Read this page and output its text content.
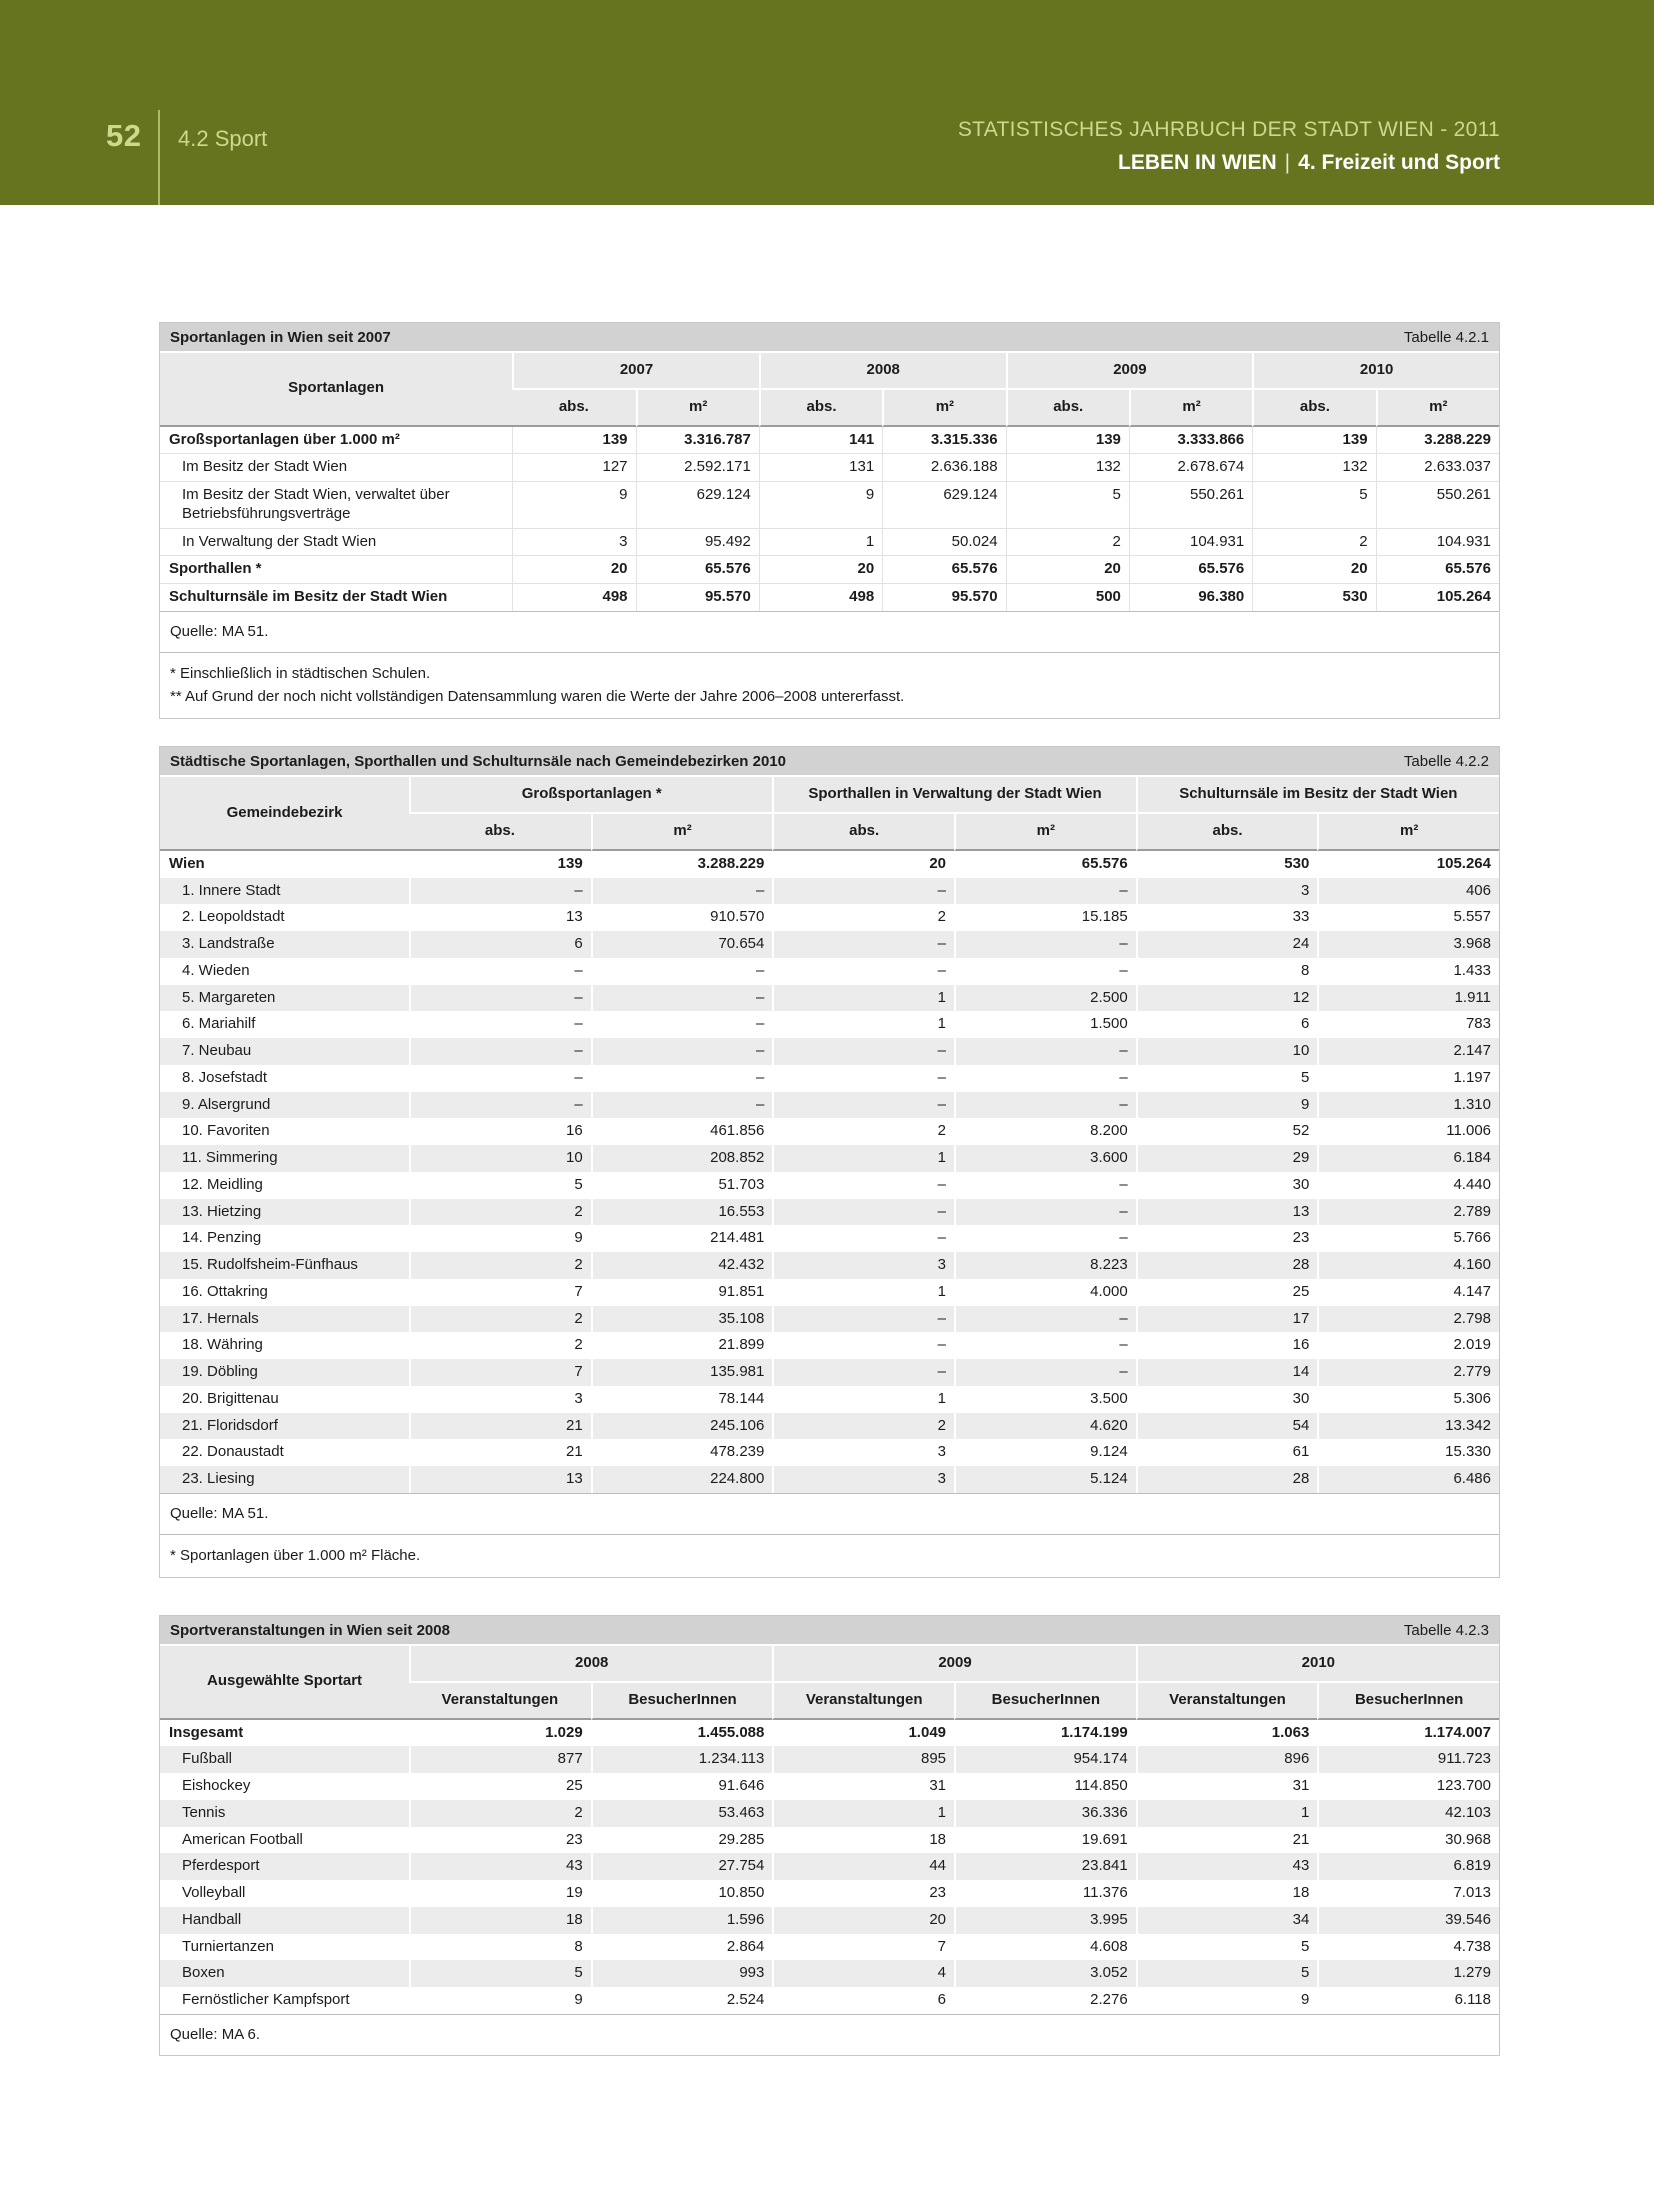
52 4.2 Sport	STATISTISCHES JAHRBUCH DER STADT WIEN - 2011
LEBEN IN WIEN | 4. Freizeit und Sport
Sportanlagen in Wien seit 2007	Tabelle 4.2.1
Sportanlagen	2007		2008		2009		2010	
	abs.	m²	abs.	m²	abs.	m²	abs.	m²
Großsportanlagen über 1.000 m²	139	3.316.787	141	3.315.336	139	3.333.866	139	3.288.229
Im Besitz der Stadt Wien	127	2.592.171	131	2.636.188	132	2.678.674	132	2.633.037
Im Besitz der Stadt Wien, verwaltet über Betriebsführungsverträge	9	629.124	9	629.124	5	550.261	5	550.261
In Verwaltung der Stadt Wien	3	95.492	1	50.024	2	104.931	2	104.931
Sporthallen *	20	65.576	20	65.576	20	65.576	20	65.576
Schulturnsäle im Besitz der Stadt Wien	498	95.570	498	95.570	500	96.380	530	105.264
Quelle: MA 51.
* Einschließlich in städtischen Schulen.
** Auf Grund der noch nicht vollständigen Datensammlung waren die Werte der Jahre 2006–2008 untererfasst.
Städtische Sportanlagen, Sporthallen und Schulturnsäle nach Gemeindebezirken 2010	Tabelle 4.2.2
Gemeindebezirk	Großsportanlagen *		Sporthallen in Verwaltung der Stadt Wien		Schulturnsäle im Besitz der Stadt Wien	
	abs.	m²	abs.	m²	abs.	m²
Wien	139	3.288.229	20	65.576	530	105.264
1. Innere Stadt	–	–	–	–	3	406
2. Leopoldstadt	13	910.570	2	15.185	33	5.557
3. Landstraße	6	70.654	–	–	24	3.968
4. Wieden	–	–	–	–	8	1.433
5. Margareten	–	–	1	2.500	12	1.911
6. Mariahilf	–	–	1	1.500	6	783
7. Neubau	–	–	–	–	10	2.147
8. Josefstadt	–	–	–	–	5	1.197
9. Alsergrund	–	–	–	–	9	1.310
10. Favoriten	16	461.856	2	8.200	52	11.006
11. Simmering	10	208.852	1	3.600	29	6.184
12. Meidling	5	51.703	–	–	30	4.440
13. Hietzing	2	16.553	–	–	13	2.789
14. Penzing	9	214.481	–	–	23	5.766
15. Rudolfsheim-Fünfhaus	2	42.432	3	8.223	28	4.160
16. Ottakring	7	91.851	1	4.000	25	4.147
17. Hernals	2	35.108	–	–	17	2.798
18. Währing	2	21.899	–	–	16	2.019
19. Döbling	7	135.981	–	–	14	2.779
20. Brigittenau	3	78.144	1	3.500	30	5.306
21. Floridsdorf	21	245.106	2	4.620	54	13.342
22. Donaustadt	21	478.239	3	9.124	61	15.330
23. Liesing	13	224.800	3	5.124	28	6.486
Quelle: MA 51.
* Sportanlagen über 1.000 m² Fläche.
Sportveranstaltungen in Wien seit 2008	Tabelle 4.2.3
Ausgewählte Sportart	2008		2009		2010	
	Veranstaltungen	BesucherInnen	Veranstaltungen	BesucherInnen	Veranstaltungen	BesucherInnen
Insgesamt	1.029	1.455.088	1.049	1.174.199	1.063	1.174.007
Fußball	877	1.234.113	895	954.174	896	911.723
Eishockey	25	91.646	31	114.850	31	123.700
Tennis	2	53.463	1	36.336	1	42.103
American Football	23	29.285	18	19.691	21	30.968
Pferdesport	43	27.754	44	23.841	43	6.819
Volleyball	19	10.850	23	11.376	18	7.013
Handball	18	1.596	20	3.995	34	39.546
Turniertanzen	8	2.864	7	4.608	5	4.738
Boxen	5	993	4	3.052	5	1.279
Fernöstlicher Kampfsport	9	2.524	6	2.276	9	6.118
Quelle: MA 6.
